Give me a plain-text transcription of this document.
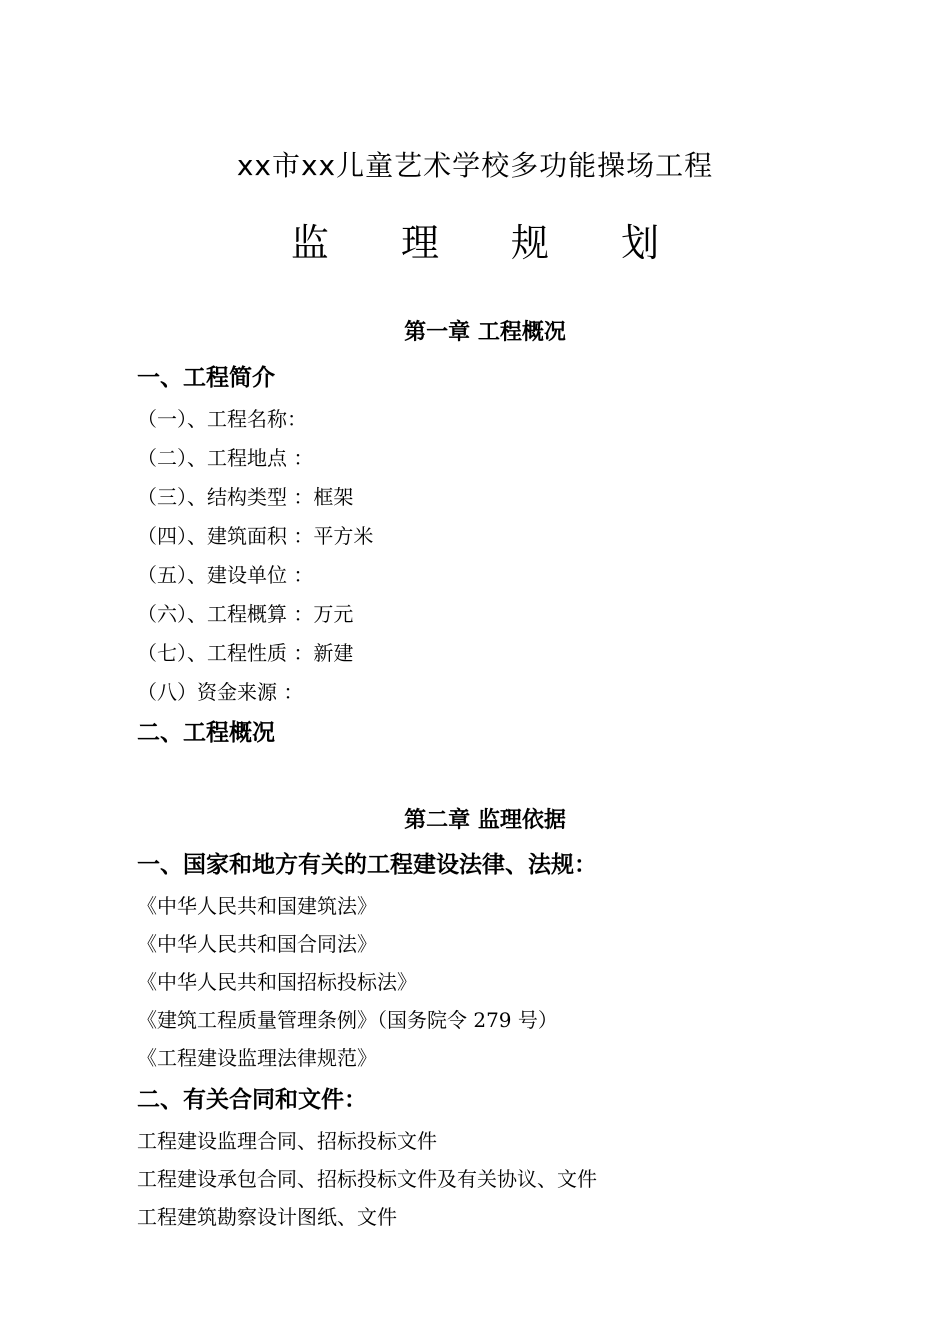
xx市xx儿童艺术学校多功能操场工程
监 理 规 划
第一章 工程概况
一、工程简介
（一）、工程名称：
（二）、工程地点 ：
（三）、结构类型 ：框架
（四）、建筑面积 ：平方米
（五）、建设单位 ：
（六）、工程概算 ：万元
（七）、工程性质 ：新建
（八）资金来源 ：
二、工程概况
第二章 监理依据
一、国家和地方有关的工程建设法律、法规：
《中华人民共和国建筑法》
《中华人民共和国合同法》
《中华人民共和国招标投标法》
《建筑工程质量管理条例》（国务院令 279 号）
《工程建设监理法律规范》
二、有关合同和文件：
工程建设监理合同、招标投标文件
工程建设承包合同、招标投标文件及有关协议、文件
工程建筑勘察设计图纸、文件
